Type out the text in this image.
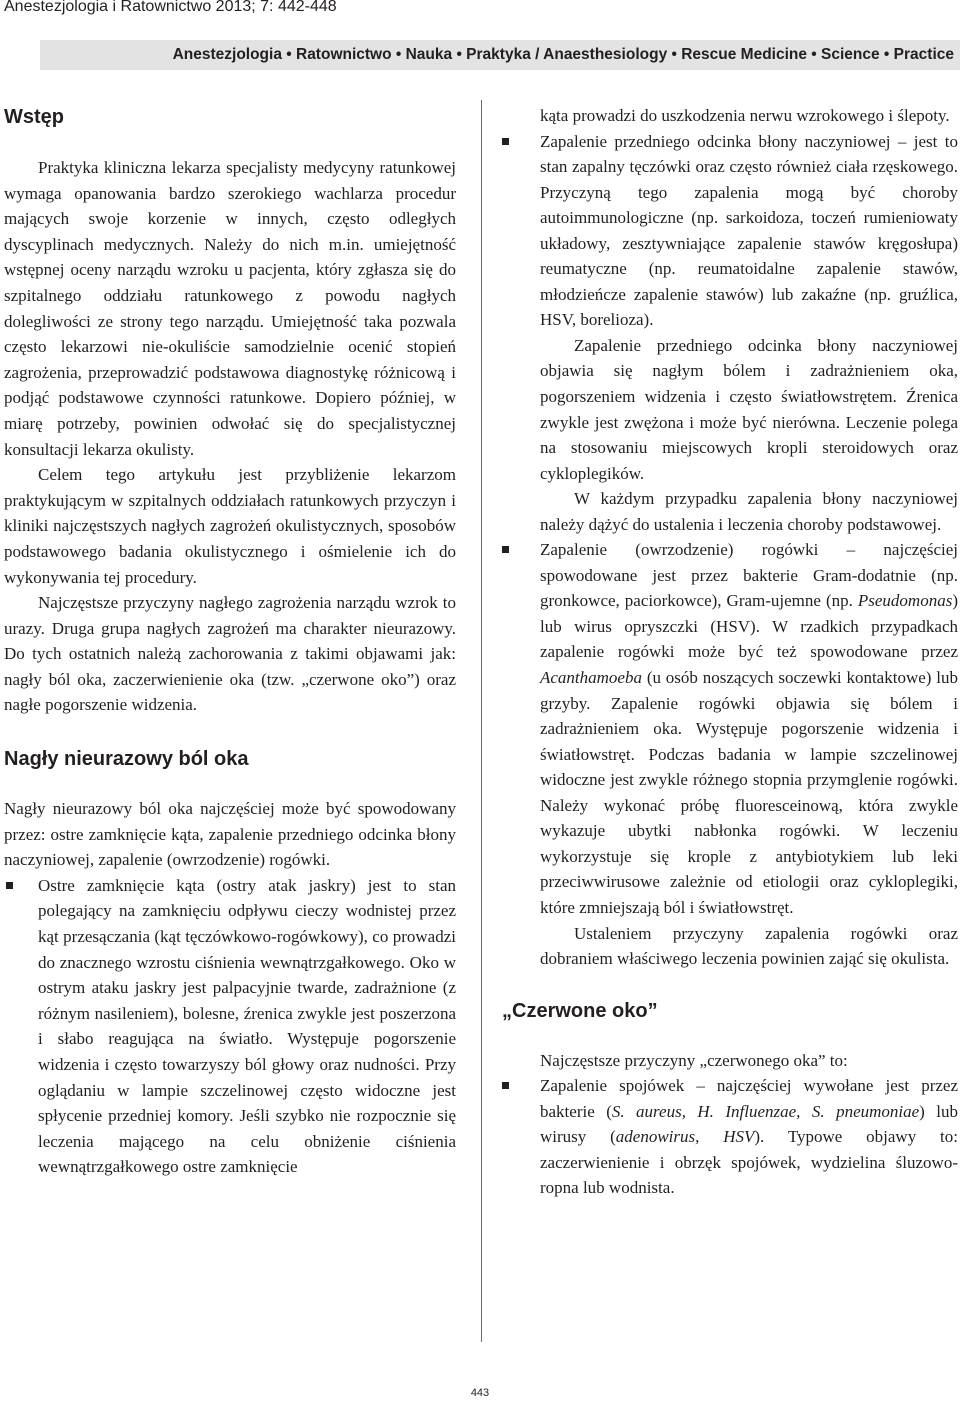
Anestezjologia i Ratownictwo 2013; 7: 442-448
Anestezjologia • Ratownictwo • Nauka • Praktyka / Anaesthesiology • Rescue Medicine • Science • Practice
Wstęp

Praktyka kliniczna lekarza specjalisty medycyny ratunkowej wymaga opanowania bardzo szerokiego wachlarza procedur mających swoje korzenie w innych, często odległych dyscyplinach medycznych. Należy do nich m.in. umiejętność wstępnej oceny narządu wzroku u pacjenta, który zgłasza się do szpitalnego oddziału ratunkowego z powodu nagłych dolegliwości ze strony tego narządu. Umiejętność taka pozwala często lekarzowi nie-okuliście samodzielnie ocenić stopień zagrożenia, przeprowadzić podstawowa diagnostykę różnicową i podjąć podstawowe czynności ratunkowe. Dopiero później, w miarę potrzeby, powinien odwołać się do specjalistycznej konsultacji lekarza okulisty.

Celem tego artykułu jest przybliżenie lekarzom praktykującym w szpitalnych oddziałach ratunkowych przyczyn i kliniki najczęstszych nagłych zagrożeń okulistycznych, sposobów podstawowego badania okulistycznego i ośmielenie ich do wykonywania tej procedury.

Najczęstsze przyczyny nagłego zagrożenia narządu wzrok to urazy. Druga grupa nagłych zagrożeń ma charakter nieurazowy. Do tych ostatnich należą zachorowania z takimi objawami jak: nagły ból oka, zaczerwienienie oka (tzw. „czerwone oko”) oraz nagłe pogorszenie widzenia.

Nagły nieurazowy ból oka

Nagły nieurazowy ból oka najczęściej może być spowodowany przez: ostre zamknięcie kąta, zapalenie przedniego odcinka błony naczyniowej, zapalenie (owrzodzenie) rogówki.

Ostre zamknięcie kąta (ostry atak jaskry) jest to stan polegający na zamknięciu odpływu cieczy wodnistej przez kąt przesączania (kąt tęczówkowo-rogówkowy), co prowadzi do znacznego wzrostu ciśnienia wewnątrzgałkowego. Oko w ostrym ataku jaskry jest palpacyjnie twarde, zadrażnione (z różnym nasileniem), bolesne, źrenica zwykle jest poszerzona i słabo reagująca na światło. Występuje pogorszenie widzenia i często towarzyszy ból głowy oraz nudności. Przy oglądaniu w lampie szczelinowej często widoczne jest spłycenie przedniej komory. Jeśli szybko nie rozpocznie się leczenia mającego na celu obniżenie ciśnienia wewnątrzgałkowego ostre zamknięcie

kąta prowadzi do uszkodzenia nerwu wzrokowego i ślepoty.

Zapalenie przedniego odcinka błony naczyniowej – jest to stan zapalny tęczówki oraz często również ciała rzęskowego. Przyczyną tego zapalenia mogą być choroby autoimmunologiczne (np. sarkoidoza, toczeń rumieniowaty układowy, zesztywniające zapalenie stawów kręgosłupa) reumatyczne (np. reumatoidalne zapalenie stawów, młodzieńcze zapalenie stawów) lub zakaźne (np. gruźlica, HSV, borelioza).

Zapalenie przedniego odcinka błony naczyniowej objawia się nagłym bólem i zadrażnieniem oka, pogorszeniem widzenia i często światłowstrętem. Źrenica zwykle jest zwężona i może być nierówna. Leczenie polega na stosowaniu miejscowych kropli steroidowych oraz cykloplegików.

W każdym przypadku zapalenia błony naczyniowej należy dążyć do ustalenia i leczenia choroby podstawowej.

Zapalenie (owrzodzenie) rogówki – najczęściej spowodowane jest przez bakterie Gram-dodatnie (np. gronkowce, paciorkowce), Gram-ujemne (np. Pseudomonas) lub wirus opryszczki (HSV). W rzadkich przypadkach zapalenie rogówki może być też spowodowane przez Acanthamoeba (u osób noszących soczewki kontaktowe) lub grzyby. Zapalenie rogówki objawia się bólem i zadrażnieniem oka. Występuje pogorszenie widzenia i światłowstręt. Podczas badania w lampie szczelinowej widoczne jest zwykle różnego stopnia przymglenie rogówki. Należy wykonać próbę fluoresceinową, która zwykle wykazuje ubytki nabłonka rogówki. W leczeniu wykorzystuje się krople z antybiotykiem lub leki przeciwwirusowe zależnie od etiologii oraz cykloplegiki, które zmniejszają ból i światłowstręt.

Ustaleniem przyczyny zapalenia rogówki oraz dobraniem właściwego leczenia powinien zająć się okulista.

„Czerwone oko”

Najczęstsze przyczyny „czerwonego oka” to:

Zapalenie spojówek – najczęściej wywołane jest przez bakterie (S. aureus, H. Influenzae, S. pneumoniae) lub wirusy (adenowirus, HSV). Typowe objawy to: zaczerwienienie i obrzęk spojówek, wydzielina śluzowo-ropna lub wodnista.

443
